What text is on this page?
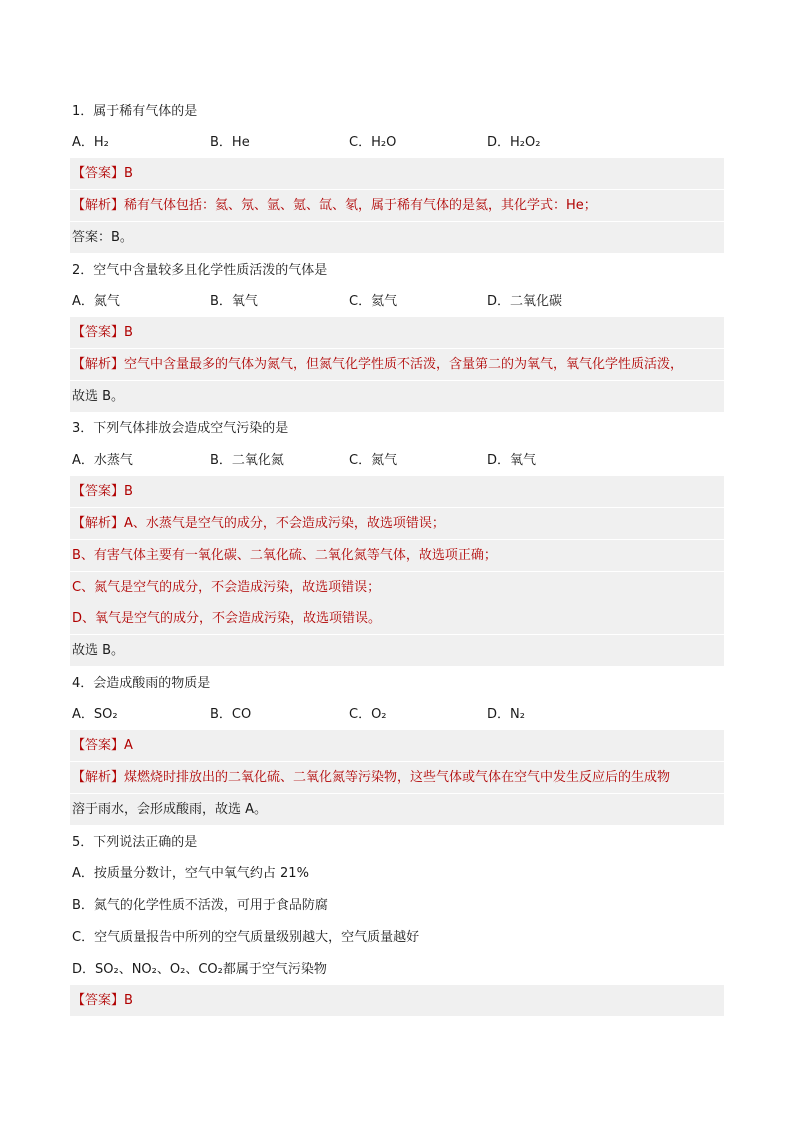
1．属于稀有气体的是
A．H₂	B．He	C．H₂O	D．H₂O₂
【答案】B
【解析】稀有气体包括：氦、氖、氩、氪、氙、氡，属于稀有气体的是氦，其化学式：He；
答案：B。
2．空气中含量较多且化学性质活泼的气体是
A．氮气	B．氧气	C．氦气	D．二氧化碳
【答案】B
【解析】空气中含量最多的气体为氮气，但氮气化学性质不活泼，含量第二的为氧气，氧气化学性质活泼，
故选 B。
3．下列气体排放会造成空气污染的是
A．水蒸气	B．二氧化氮	C．氮气	D．氧气
【答案】B
【解析】A、水蒸气是空气的成分，不会造成污染，故选项错误；
B、有害气体主要有一氧化碳、二氧化硫、二氧化氮等气体，故选项正确；
C、氮气是空气的成分，不会造成污染，故选项错误；
D、氧气是空气的成分，不会造成污染，故选项错误。
故选 B。
4．会造成酸雨的物质是
A．SO₂	B．CO	C．O₂	D．N₂
【答案】A
【解析】煤燃烧时排放出的二氧化硫、二氧化氮等污染物，这些气体或气体在空气中发生反应后的生成物
溶于雨水，会形成酸雨，故选 A。
5．下列说法正确的是
A．按质量分数计，空气中氧气约占 21%
B．氮气的化学性质不活泼，可用于食品防腐
C．空气质量报告中所列的空气质量级别越大，空气质量越好
D．SO₂、NO₂、O₂、CO₂都属于空气污染物
【答案】B
